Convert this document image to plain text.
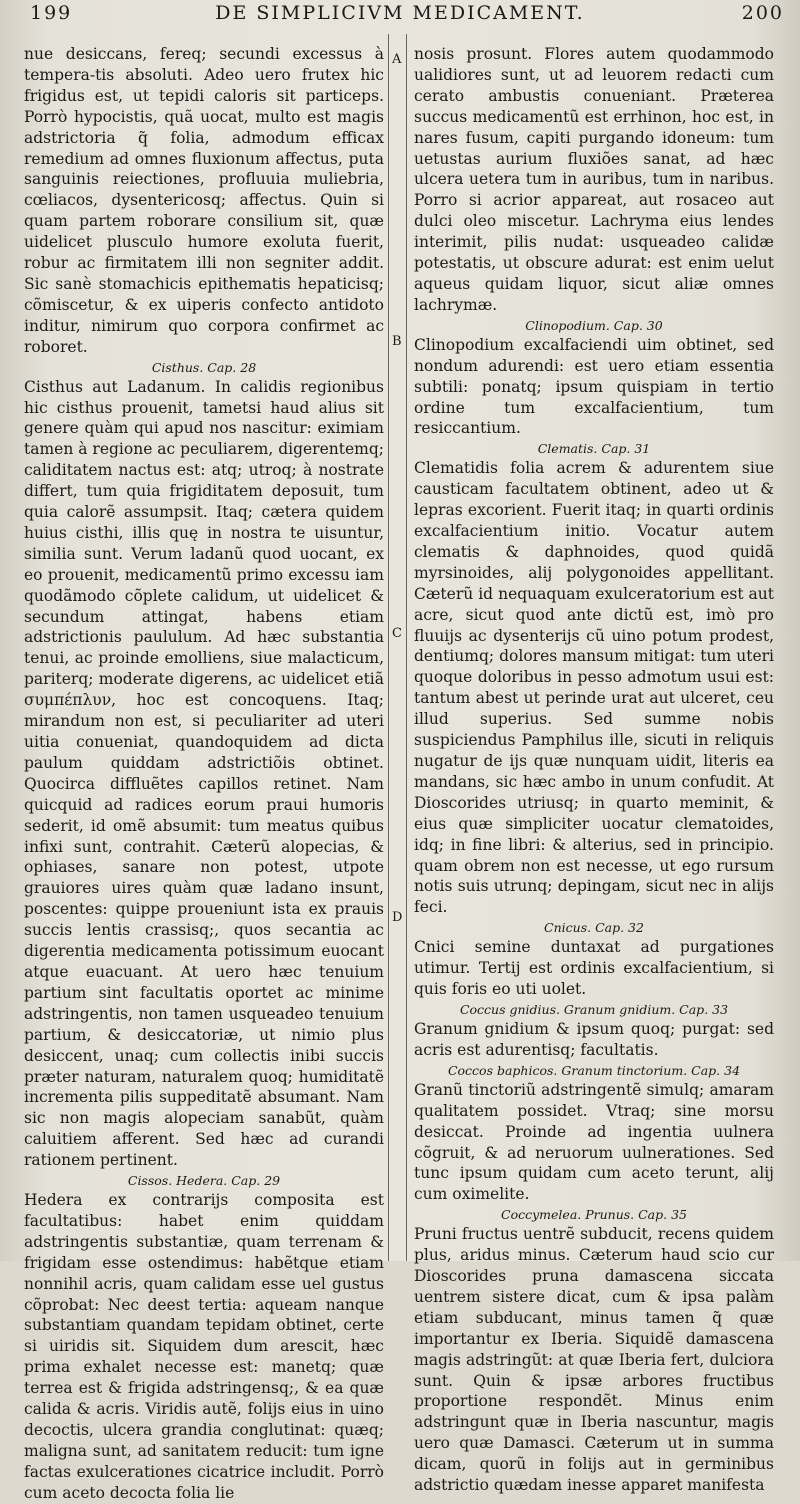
199	DE SIMPLICIVM MEDICAMENT.	200
A
B
C
D

nue desiccans, fereq; secundi excessus à tempera-tis absoluti. Adeo uero frutex hic frigidus est, ut tepidi caloris sit particeps. Porrò hypocistis, quã uocat, multo est magis adstrictoria q̃ folia, admodum efficax remedium ad omnes fluxionum affectus, puta sanguinis reiectiones, profluuia muliebria, cœliacos, dysentericosq; affectus. Quin si quam partem roborare consilium sit, quæ uidelicet plusculo humore exoluta fuerit, robur ac firmitatem illi non segniter addit. Sic sanè stomachicis epithematis hepaticisq; cõmiscetur, & ex uiperis confecto antidoto inditur, nimirum quo corpora confirmet ac roboret.

Cisthus. Cap. 28

Cisthus aut Ladanum. In calidis regionibus hic cisthus prouenit, tametsi haud alius sit genere quàm qui apud nos nascitur: eximiam tamen à regione ac peculiarem, digerentemq; caliditatem nactus est: atq; utroq; à nostrate differt, tum quia frigiditatem deposuit, tum quia calorẽ assumpsit. Itaq; cætera quidem huius cisthi, illis quę in nostra te uisuntur, similia sunt. Verum ladanũ quod uocant, ex eo prouenit, medicamentũ primo excessu iam quodãmodo cõplete calidum, ut uidelicet & secundum attingat, habens etiam adstrictionis paululum. Ad hæc substantia tenui, ac proinde emolliens, siue malacticum, pariterq; moderate digerens, ac uidelicet etiã συμπέπλυν, hoc est concoquens. Itaq; mirandum non est, si peculiariter ad uteri uitia conueniat, quandoquidem ad dicta paulum quiddam adstrictiõis obtinet. Quocirca diffluẽtes capillos retinet. Nam quicquid ad radices eorum praui humoris sederit, id omẽ absumit: tum meatus quibus infixi sunt, contrahit. Cæterũ alopecias, & ophiases, sanare non potest, utpote grauiores uires quàm quæ ladano insunt, poscentes: quippe proueniunt ista ex prauis succis lentis crassisq;, quos secantia ac digerentia medicamenta potissimum euocant atque euacuant. At uero hæc tenuium partium sint facultatis oportet ac minime adstringentis, non tamen usqueadeo tenuium partium, & desiccatoriæ, ut nimio plus desiccent, unaq; cum collectis inibi succis præter naturam, naturalem quoq; humiditatẽ incrementa pilis suppeditatẽ absumant. Nam sic non magis alopeciam sanabũt, quàm caluitiem afferent. Sed hæc ad curandi rationem pertinent.

Cissos. Hedera. Cap. 29

Hedera ex contrarijs composita est facultatibus: habet enim quiddam adstringentis substantiæ, quam terrenam & frigidam esse ostendimus: habẽtque etiam nonnihil acris, quam calidam esse uel gustus cõprobat: Nec deest tertia: aqueam nanque substantiam quandam tepidam obtinet, certe si uiridis sit. Siquidem dum arescit, hæc prima exhalet necesse est: manetq; quæ terrea est & frigida adstringensq;, & ea quæ calida & acris. Viridis autẽ, folijs eius in uino decoctis, ulcera grandia conglutinat: quæq; maligna sunt, ad sanitatem reducit: tum igne factas exulcerationes cicatrice includit. Porrò cum aceto decocta folia lie

nosis prosunt. Flores autem quodammodo ualidiores sunt, ut ad leuorem redacti cum cerato ambustis conueniant. Præterea succus medicamentũ est errhinon, hoc est, in nares fusum, capiti purgando idoneum: tum uetustas aurium fluxiões sanat, ad hæc ulcera uetera tum in auribus, tum in naribus. Porro si acrior appareat, aut rosaceo aut dulci oleo miscetur. Lachryma eius lendes interimit, pilis nudat: usqueadeo calidæ potestatis, ut obscure adurat: est enim uelut aqueus quidam liquor, sicut aliæ omnes lachrymæ.

Clinopodium. Cap. 30

Clinopodium excalfaciendi uim obtinet, sed nondum adurendi: est uero etiam essentia subtili: ponatq; ipsum quispiam in tertio ordine tum excalfacientium, tum resiccantium.

Clematis. Cap. 31

Clematidis folia acrem & adurentem siue causticam facultatem obtinent, adeo ut & lepras excorient. Fuerit itaq; in quarti ordinis excalfacientium initio. Vocatur autem clematis & daphnoides, quod quidã myrsinoides, alij polygonoides appellitant. Cæterũ id nequaquam exulceratorium est aut acre, sicut quod ante dictũ est, imò pro fluuijs ac dysenterijs cũ uino potum prodest, dentiumq; dolores mansum mitigat: tum uteri quoque doloribus in pesso admotum usui est: tantum abest ut perinde urat aut ulceret, ceu illud superius. Sed summe nobis suspiciendus Pamphilus ille, sicuti in reliquis nugatur de ijs quæ nunquam uidit, literis ea mandans, sic hæc ambo in unum confudit. At Dioscorides utriusq; in quarto meminit, & eius quæ simpliciter uocatur clematoides, idq; in fine libri: & alterius, sed in principio. quam obrem non est necesse, ut ego rursum notis suis utrunq; depingam, sicut nec in alijs feci.

Cnicus. Cap. 32

Cnici semine duntaxat ad purgationes utimur. Tertij est ordinis excalfacientium, si quis foris eo uti uolet.

Coccus gnidius. Granum gnidium. Cap. 33

Granum gnidium & ipsum quoq; purgat: sed acris est adurentisq; facultatis.

Coccos baphicos. Granum tinctorium. Cap. 34

Granũ tinctoriũ adstringentẽ simulq; amaram qualitatem possidet. Vtraq; sine morsu desiccat. Proinde ad ingentia uulnera cõgruit, & ad neruorum uulnerationes. Sed tunc ipsum quidam cum aceto terunt, alij cum oximelite.

Coccymelea. Prunus. Cap. 35

Pruni fructus uentrẽ subducit, recens quidem plus, aridus minus. Cæterum haud scio cur Dioscorides pruna damascena siccata uentrem sistere dicat, cum & ipsa palàm etiam subducant, minus tamen q̃ quæ importantur ex Iberia. Siquidẽ damascena magis adstringũt: at quæ Iberia fert, dulciora sunt. Quin & ipsæ arbores fructibus proportione respondẽt. Minus enim adstringunt quæ in Iberia nascuntur, magis uero quæ Damasci. Cæterum ut in summa dicam, quorũ in folijs aut in germinibus adstrictio quædam inesse apparet manifesta
